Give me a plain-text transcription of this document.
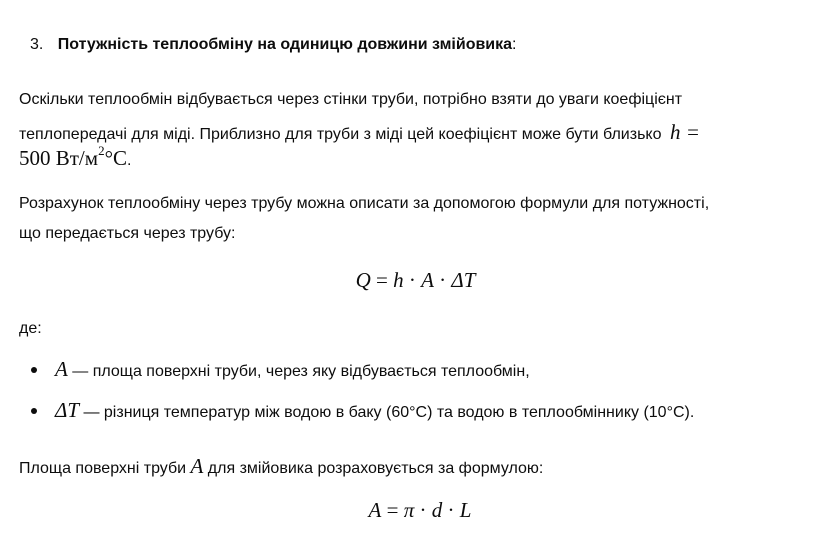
3. Потужність теплообміну на одиницю довжини змійовика:
Оскільки теплообмін відбувається через стінки труби, потрібно взяти до уваги коефіцієнт
теплопередачі для міді. Приблизно для труби з міді цей коефіцієнт може бути близько h =
500 $Вт/м^2^\circ C$.
Розрахунок теплообміну через трубу можна описати за допомогою формули для потужності,
що передається через трубу:
Q = h · A · ΔT
де:
A — площа поверхні труби, через яку відбувається теплообмін,
ΔT — різниця температур між водою в баку (60°C) та водою в теплообміннику (10°C).
Площа поверхні труби A для змійовика розраховується за формулою:
A = π · d · L
